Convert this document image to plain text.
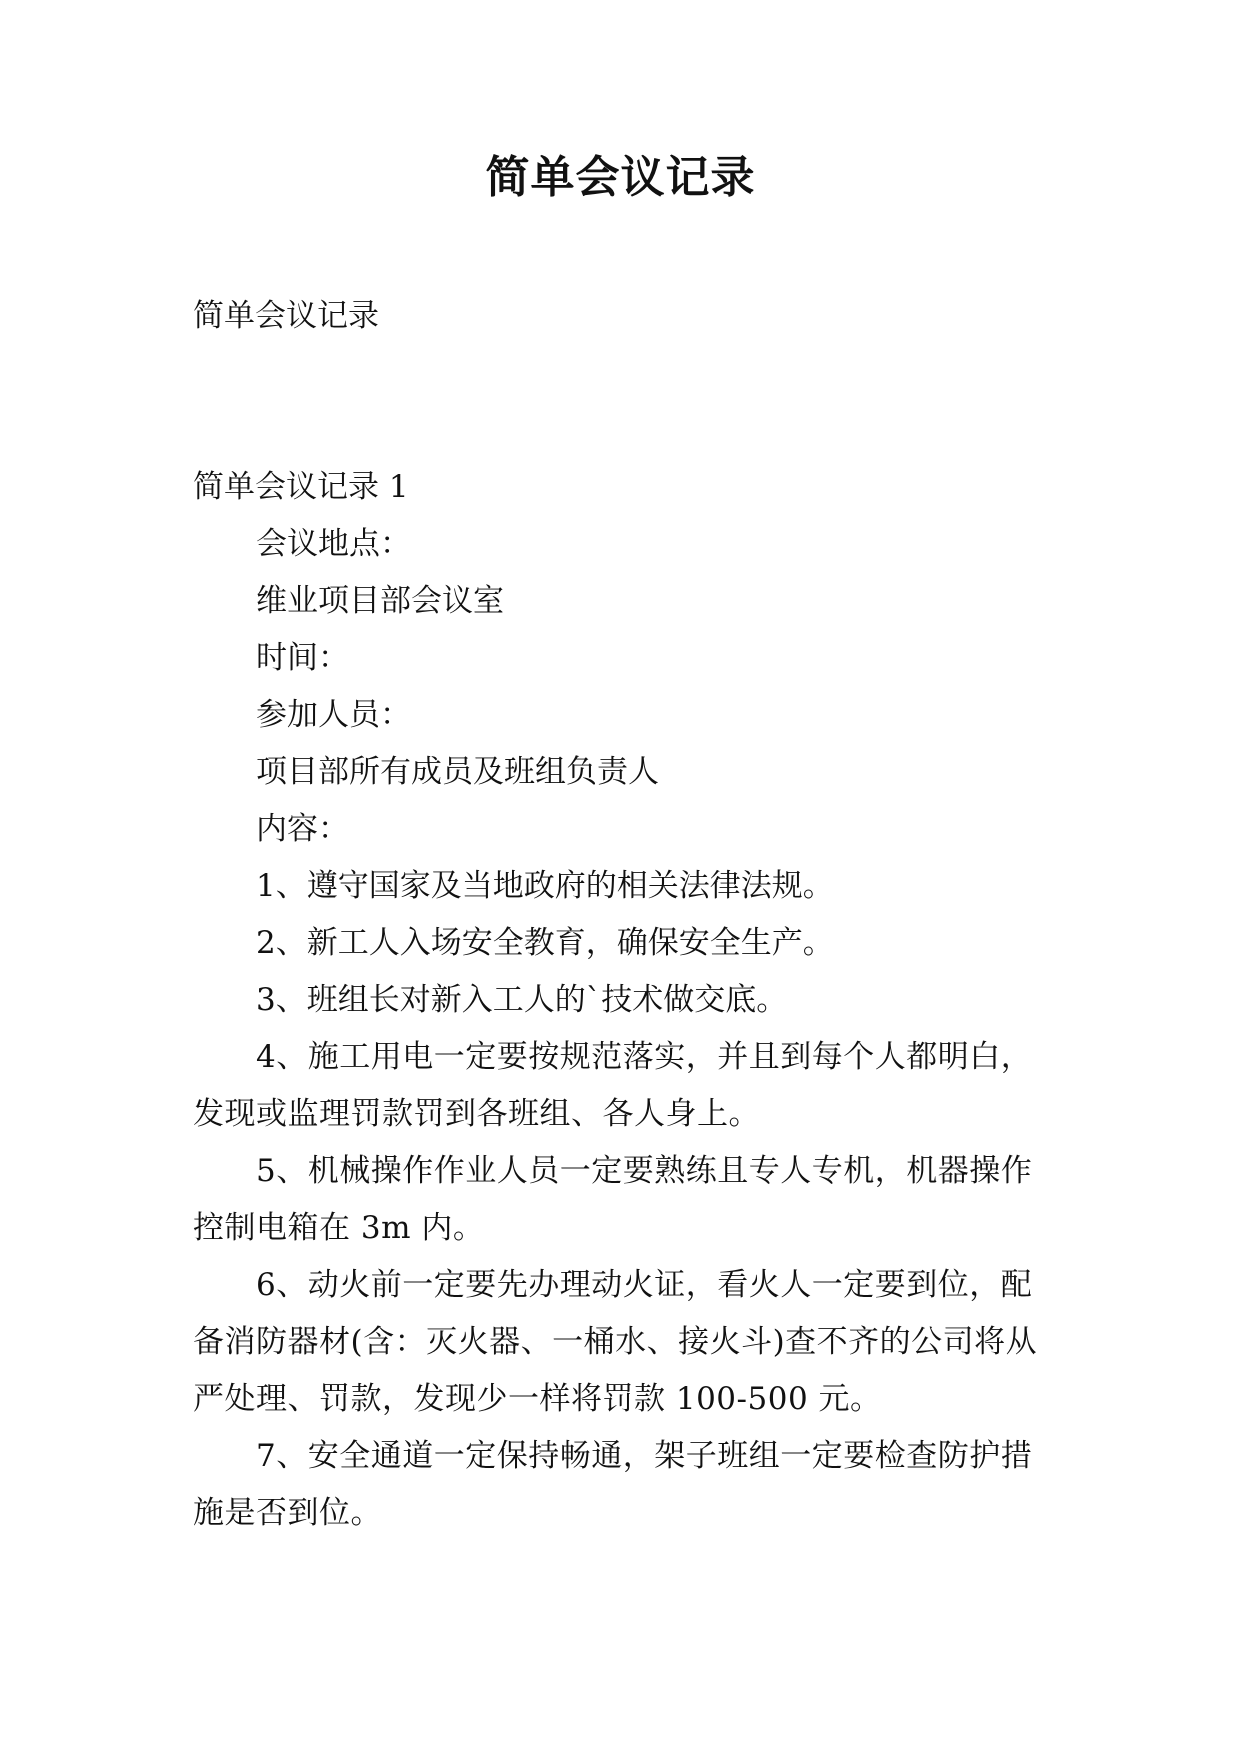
简单会议记录
简单会议记录
简单会议记录 1
会议地点：
维业项目部会议室
时间：
参加人员：
项目部所有成员及班组负责人
内容：
1、遵守国家及当地政府的相关法律法规。
2、新工人入场安全教育，确保安全生产。
3、班组长对新入工人的`技术做交底。
4、施工用电一定要按规范落实，并且到每个人都明白，发现或监理罚款罚到各班组、各人身上。
5、机械操作作业人员一定要熟练且专人专机，机器操作控制电箱在 3m 内。
6、动火前一定要先办理动火证，看火人一定要到位，配备消防器材(含：灭火器、一桶水、接火斗)查不齐的公司将从严处理、罚款，发现少一样将罚款 100-500 元。
7、安全通道一定保持畅通，架子班组一定要检查防护措施是否到位。
